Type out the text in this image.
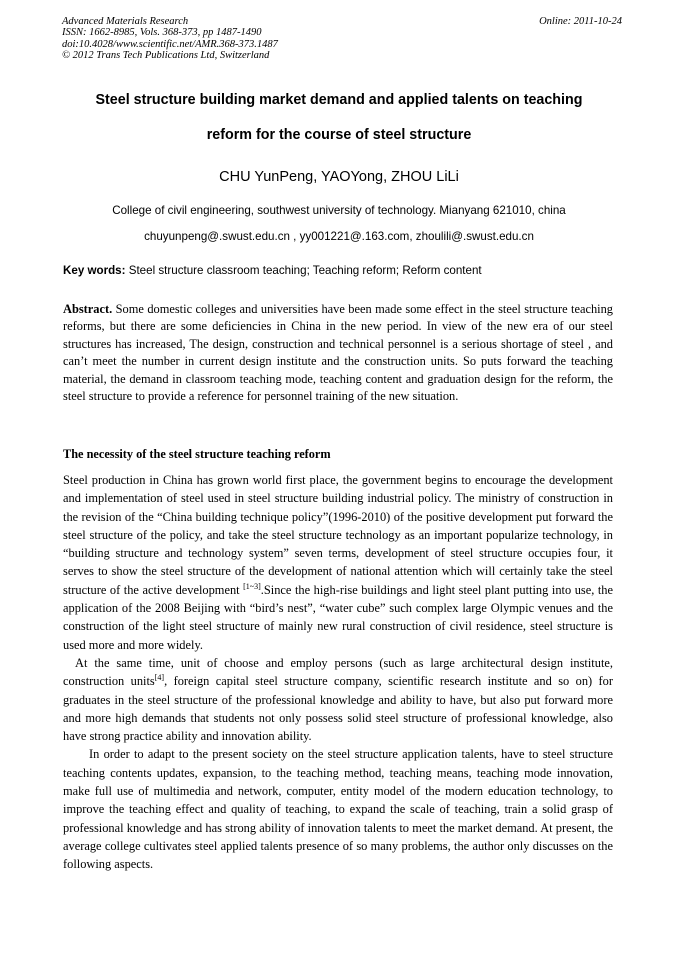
Advanced Materials Research
ISSN: 1662-8985, Vols. 368-373, pp 1487-1490
doi:10.4028/www.scientific.net/AMR.368-373.1487
© 2012 Trans Tech Publications Ltd, Switzerland
Online: 2011-10-24
Steel structure building market demand and applied talents on teaching
reform for the course of steel structure
CHU YunPeng, YAOYong, ZHOU LiLi
College of civil engineering, southwest university of technology. Mianyang 621010, china
chuyunpeng@.swust.edu.cn , yy001221@.163.com, zhoulili@.swust.edu.cn
Key words: Steel structure classroom teaching; Teaching reform; Reform content

Abstract. Some domestic colleges and universities have been made some effect in the steel structure teaching reforms, but there are some deficiencies in China in the new period. In view of the new era of our steel structures has increased, The design, construction and technical personnel is a serious shortage of steel , and can’t meet the number in current design institute and the construction units. So puts forward the teaching material, the demand in classroom teaching mode, teaching content and graduation design for the reform, the steel structure to provide a reference for personnel training of the new situation.

The necessity of the steel structure teaching reform

Steel production in China has grown world first place, the government begins to encourage the development and implementation of steel used in steel structure building industrial policy. The ministry of construction in the revision of the “China building technique policy”(1996-2010) of the positive development put forward the steel structure of the policy, and take the steel structure technology as an important popularize technology, in “building structure and technology system” seven terms, development of steel structure occupies four, it serves to show the steel structure of the development of national attention which will certainly take the steel structure of the active development [1~3].Since the high-rise buildings and light steel plant putting into use, the application of the 2008 Beijing with “bird’s nest”, “water cube” such complex large Olympic venues and the construction of the light steel structure of mainly new rural construction of civil residence, steel structure is used more and more widely.

At the same time, unit of choose and employ persons (such as large architectural design institute, construction units[4], foreign capital steel structure company, scientific research institute and so on) for graduates in the steel structure of the professional knowledge and ability to have, but also put forward more and more high demands that students not only possess solid steel structure of professional knowledge, also have strong practice ability and innovation ability.

In order to adapt to the present society on the steel structure application talents, have to steel structure teaching contents updates, expansion, to the teaching method, teaching means, teaching mode innovation, make full use of multimedia and network, computer, entity model of the modern education technology, to improve the teaching effect and quality of teaching, to expand the scale of teaching, train a solid grasp of professional knowledge and has strong ability of innovation talents to meet the market demand. At present, the average college cultivates steel applied talents presence of so many problems, the author only discusses on the following aspects.
